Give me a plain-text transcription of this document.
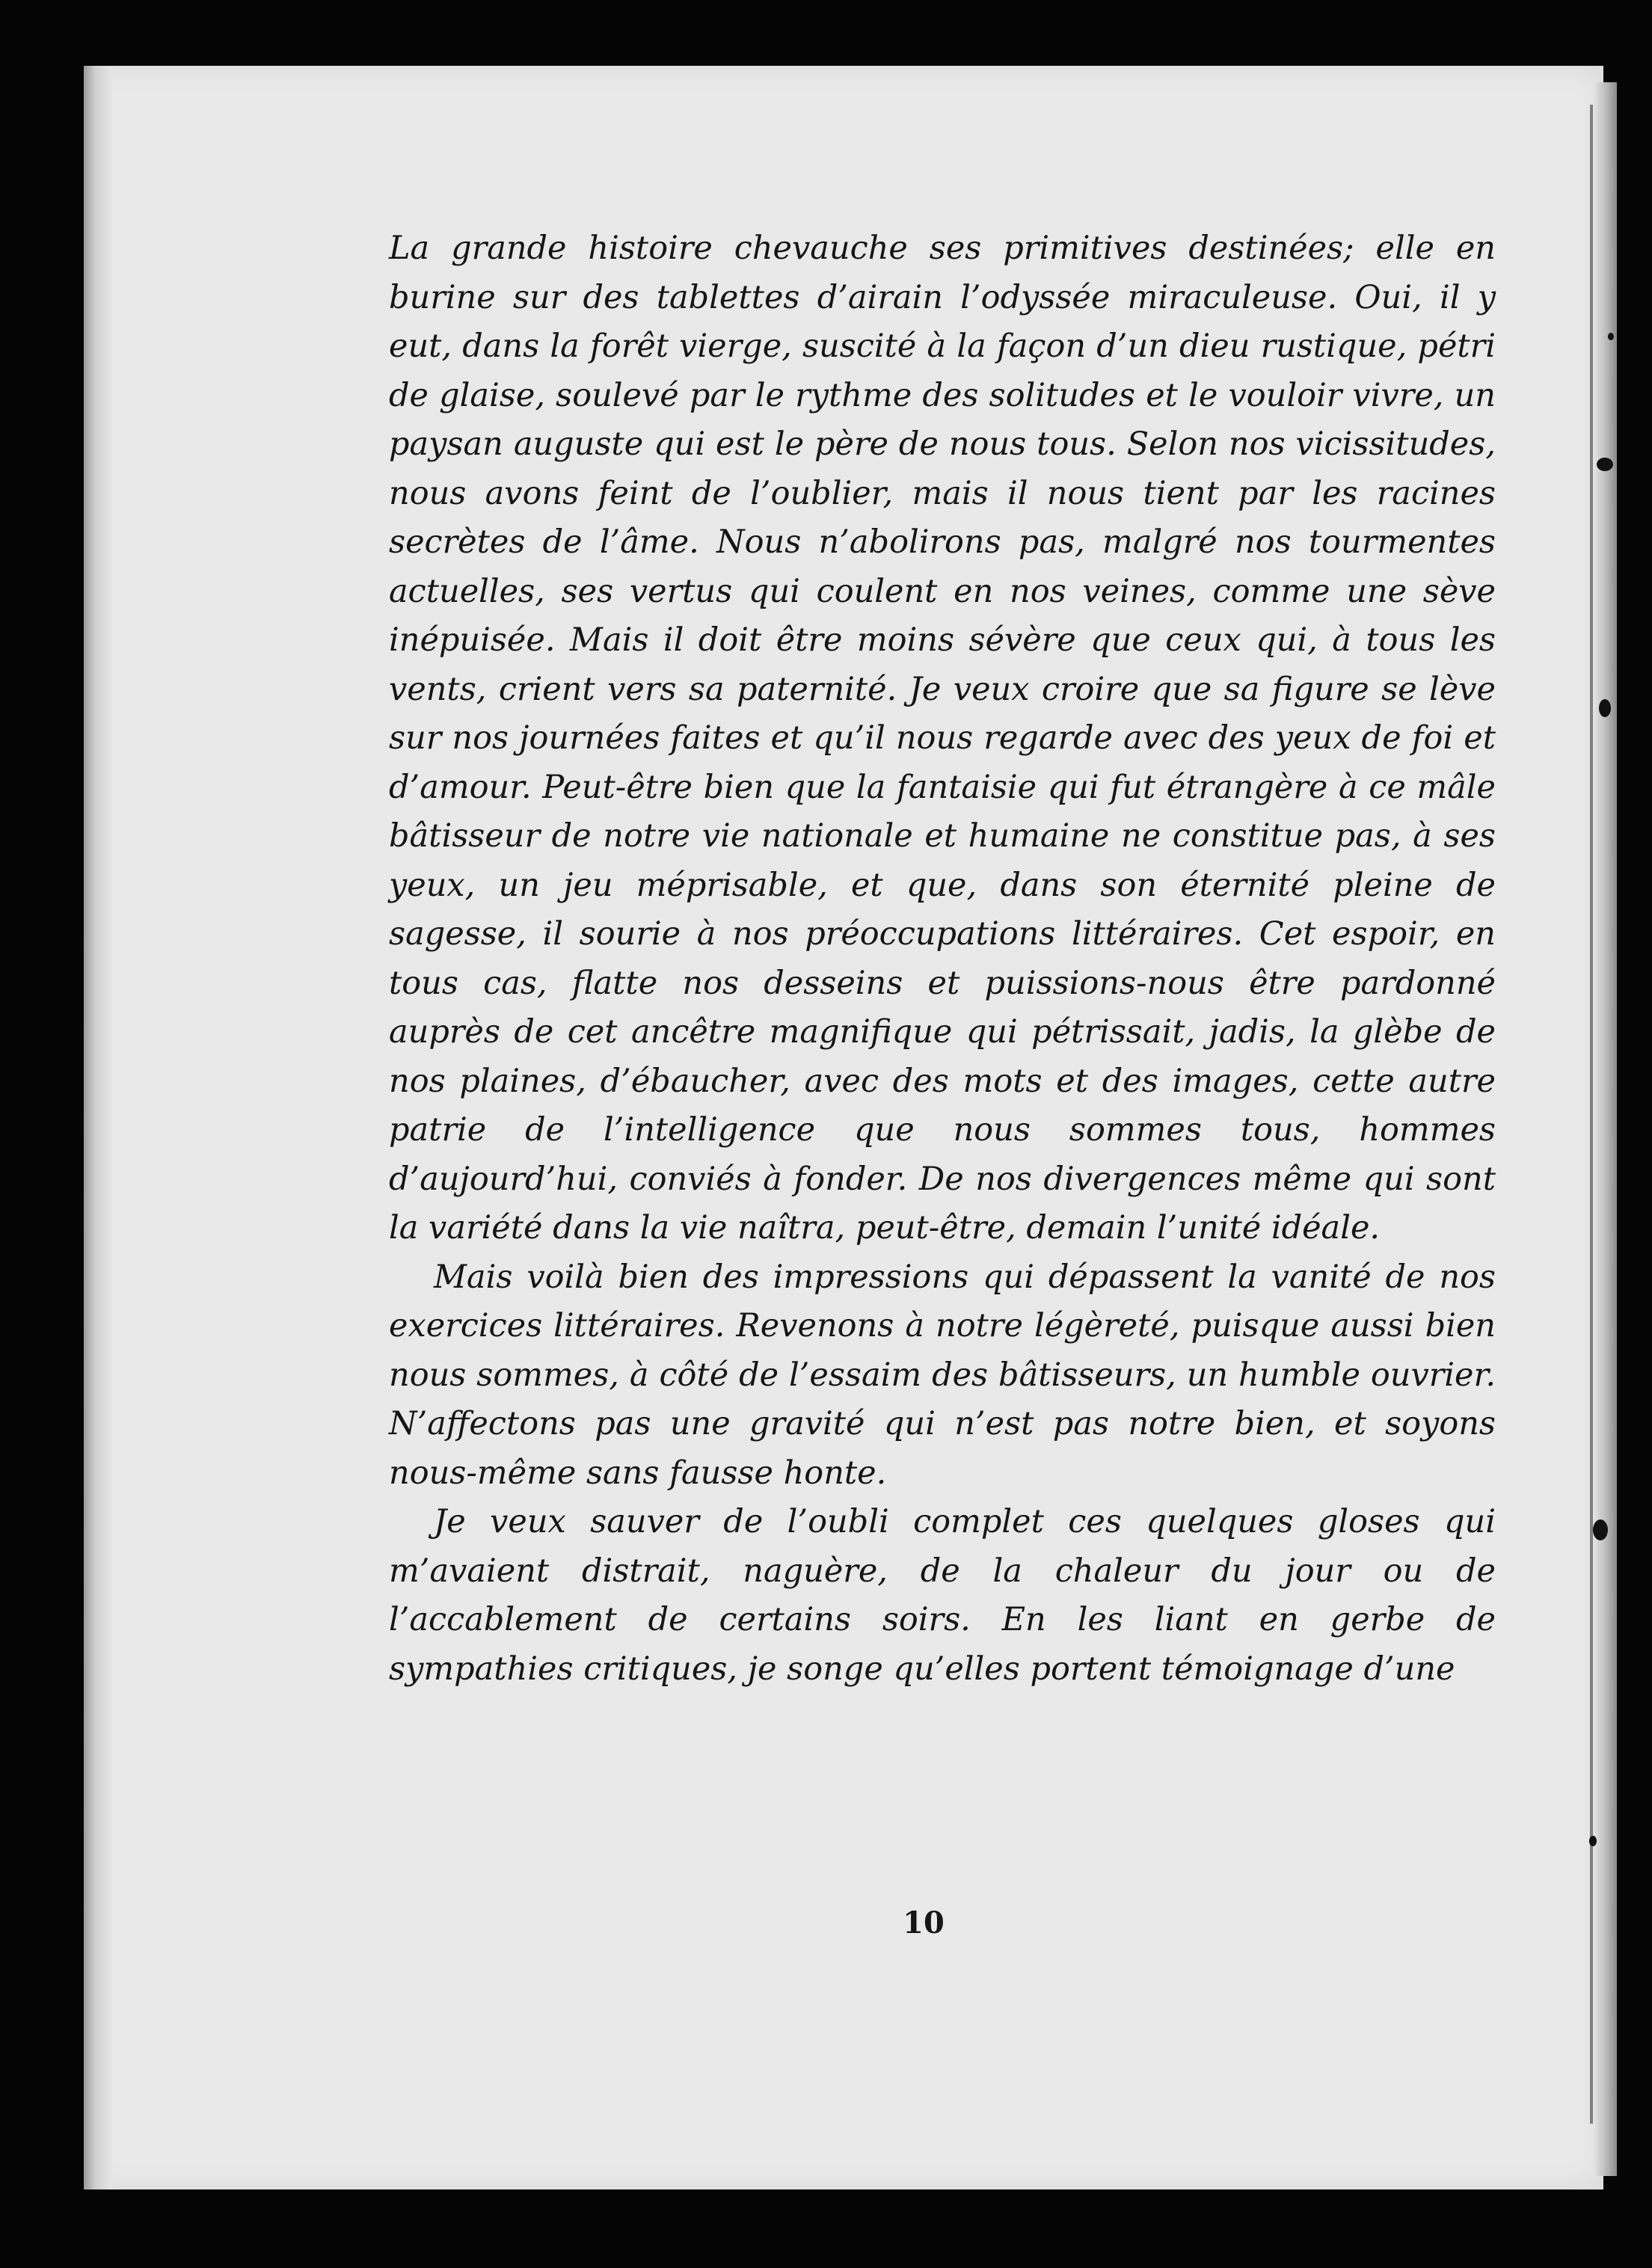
La grande histoire chevauche ses primitives destinées; elle en burine sur des tablettes d’airain l’odyssée miraculeuse. Oui, il y eut, dans la forêt vierge, suscité à la façon d’un dieu rustique, pétri de glaise, soulevé par le rythme des solitudes et le vouloir vivre, un paysan auguste qui est le père de nous tous. Selon nos vicissitudes, nous avons feint de l’oublier, mais il nous tient par les racines secrètes de l’âme. Nous n’abolirons pas, malgré nos tourmentes actuelles, ses vertus qui coulent en nos veines, comme une sève inépuisée. Mais il doit être moins sévère que ceux qui, à tous les vents, crient vers sa paternité. Je veux croire que sa figure se lève sur nos journées faites et qu’il nous regarde avec des yeux de foi et d’amour. Peut-être bien que la fantaisie qui fut étrangère à ce mâle bâtisseur de notre vie nationale et humaine ne constitue pas, à ses yeux, un jeu méprisable, et que, dans son éternité pleine de sagesse, il sourie à nos préoccupations littéraires. Cet espoir, en tous cas, flatte nos desseins et puissions-nous être pardonné auprès de cet ancêtre magnifique qui pétrissait, jadis, la glèbe de nos plaines, d’ébaucher, avec des mots et des images, cette autre patrie de l’intelligence que nous sommes tous, hommes d’aujourd’hui, conviés à fonder. De nos divergences même qui sont la variété dans la vie naîtra, peut-être, demain l’unité idéale.

Mais voilà bien des impressions qui dépassent la vanité de nos exercices littéraires. Revenons à notre légèreté, puisque aussi bien nous sommes, à côté de l’essaim des bâtisseurs, un humble ouvrier. N’affectons pas une gravité qui n’est pas notre bien, et soyons nous-même sans fausse honte.

Je veux sauver de l’oubli complet ces quelques gloses qui m’avaient distrait, naguère, de la chaleur du jour ou de l’accablement de certains soirs. En les liant en gerbe de sympathies critiques, je songe qu’elles portent témoignage d’une

10
